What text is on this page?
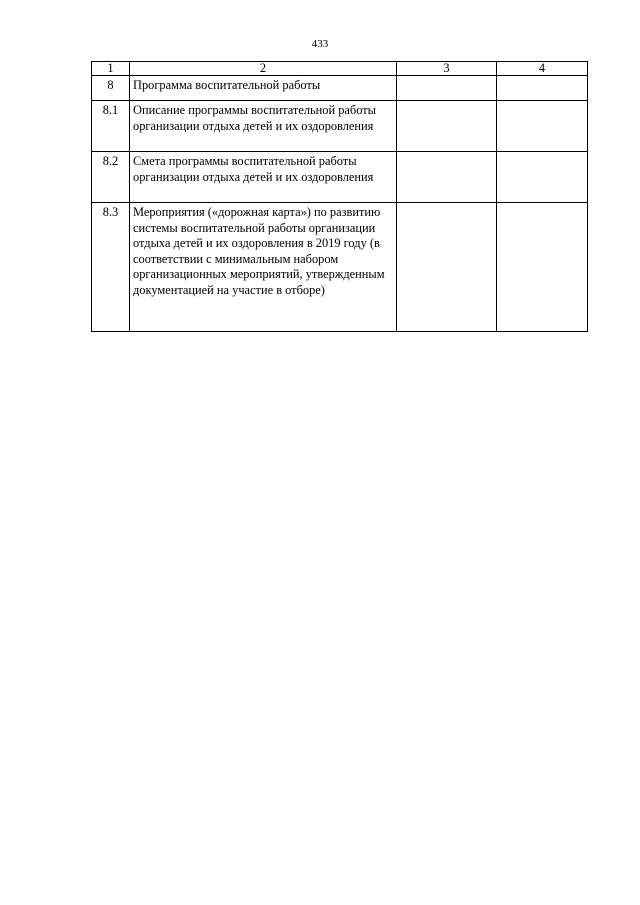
433
1	2	3	4
8	Программа воспитательной работы		
8.1	Описание программы воспитательной работы организации отдыха детей и их оздоровления		
8.2	Смета программы воспитательной работы организации отдыха детей и их оздоровления		
8.3	Мероприятия («дорожная карта») по развитию системы воспитательной работы организации отдыха детей и их оздоровления в 2019 году (в соответствии с минимальным набором организационных мероприятий, утвержденным документацией на участие в отборе)		
